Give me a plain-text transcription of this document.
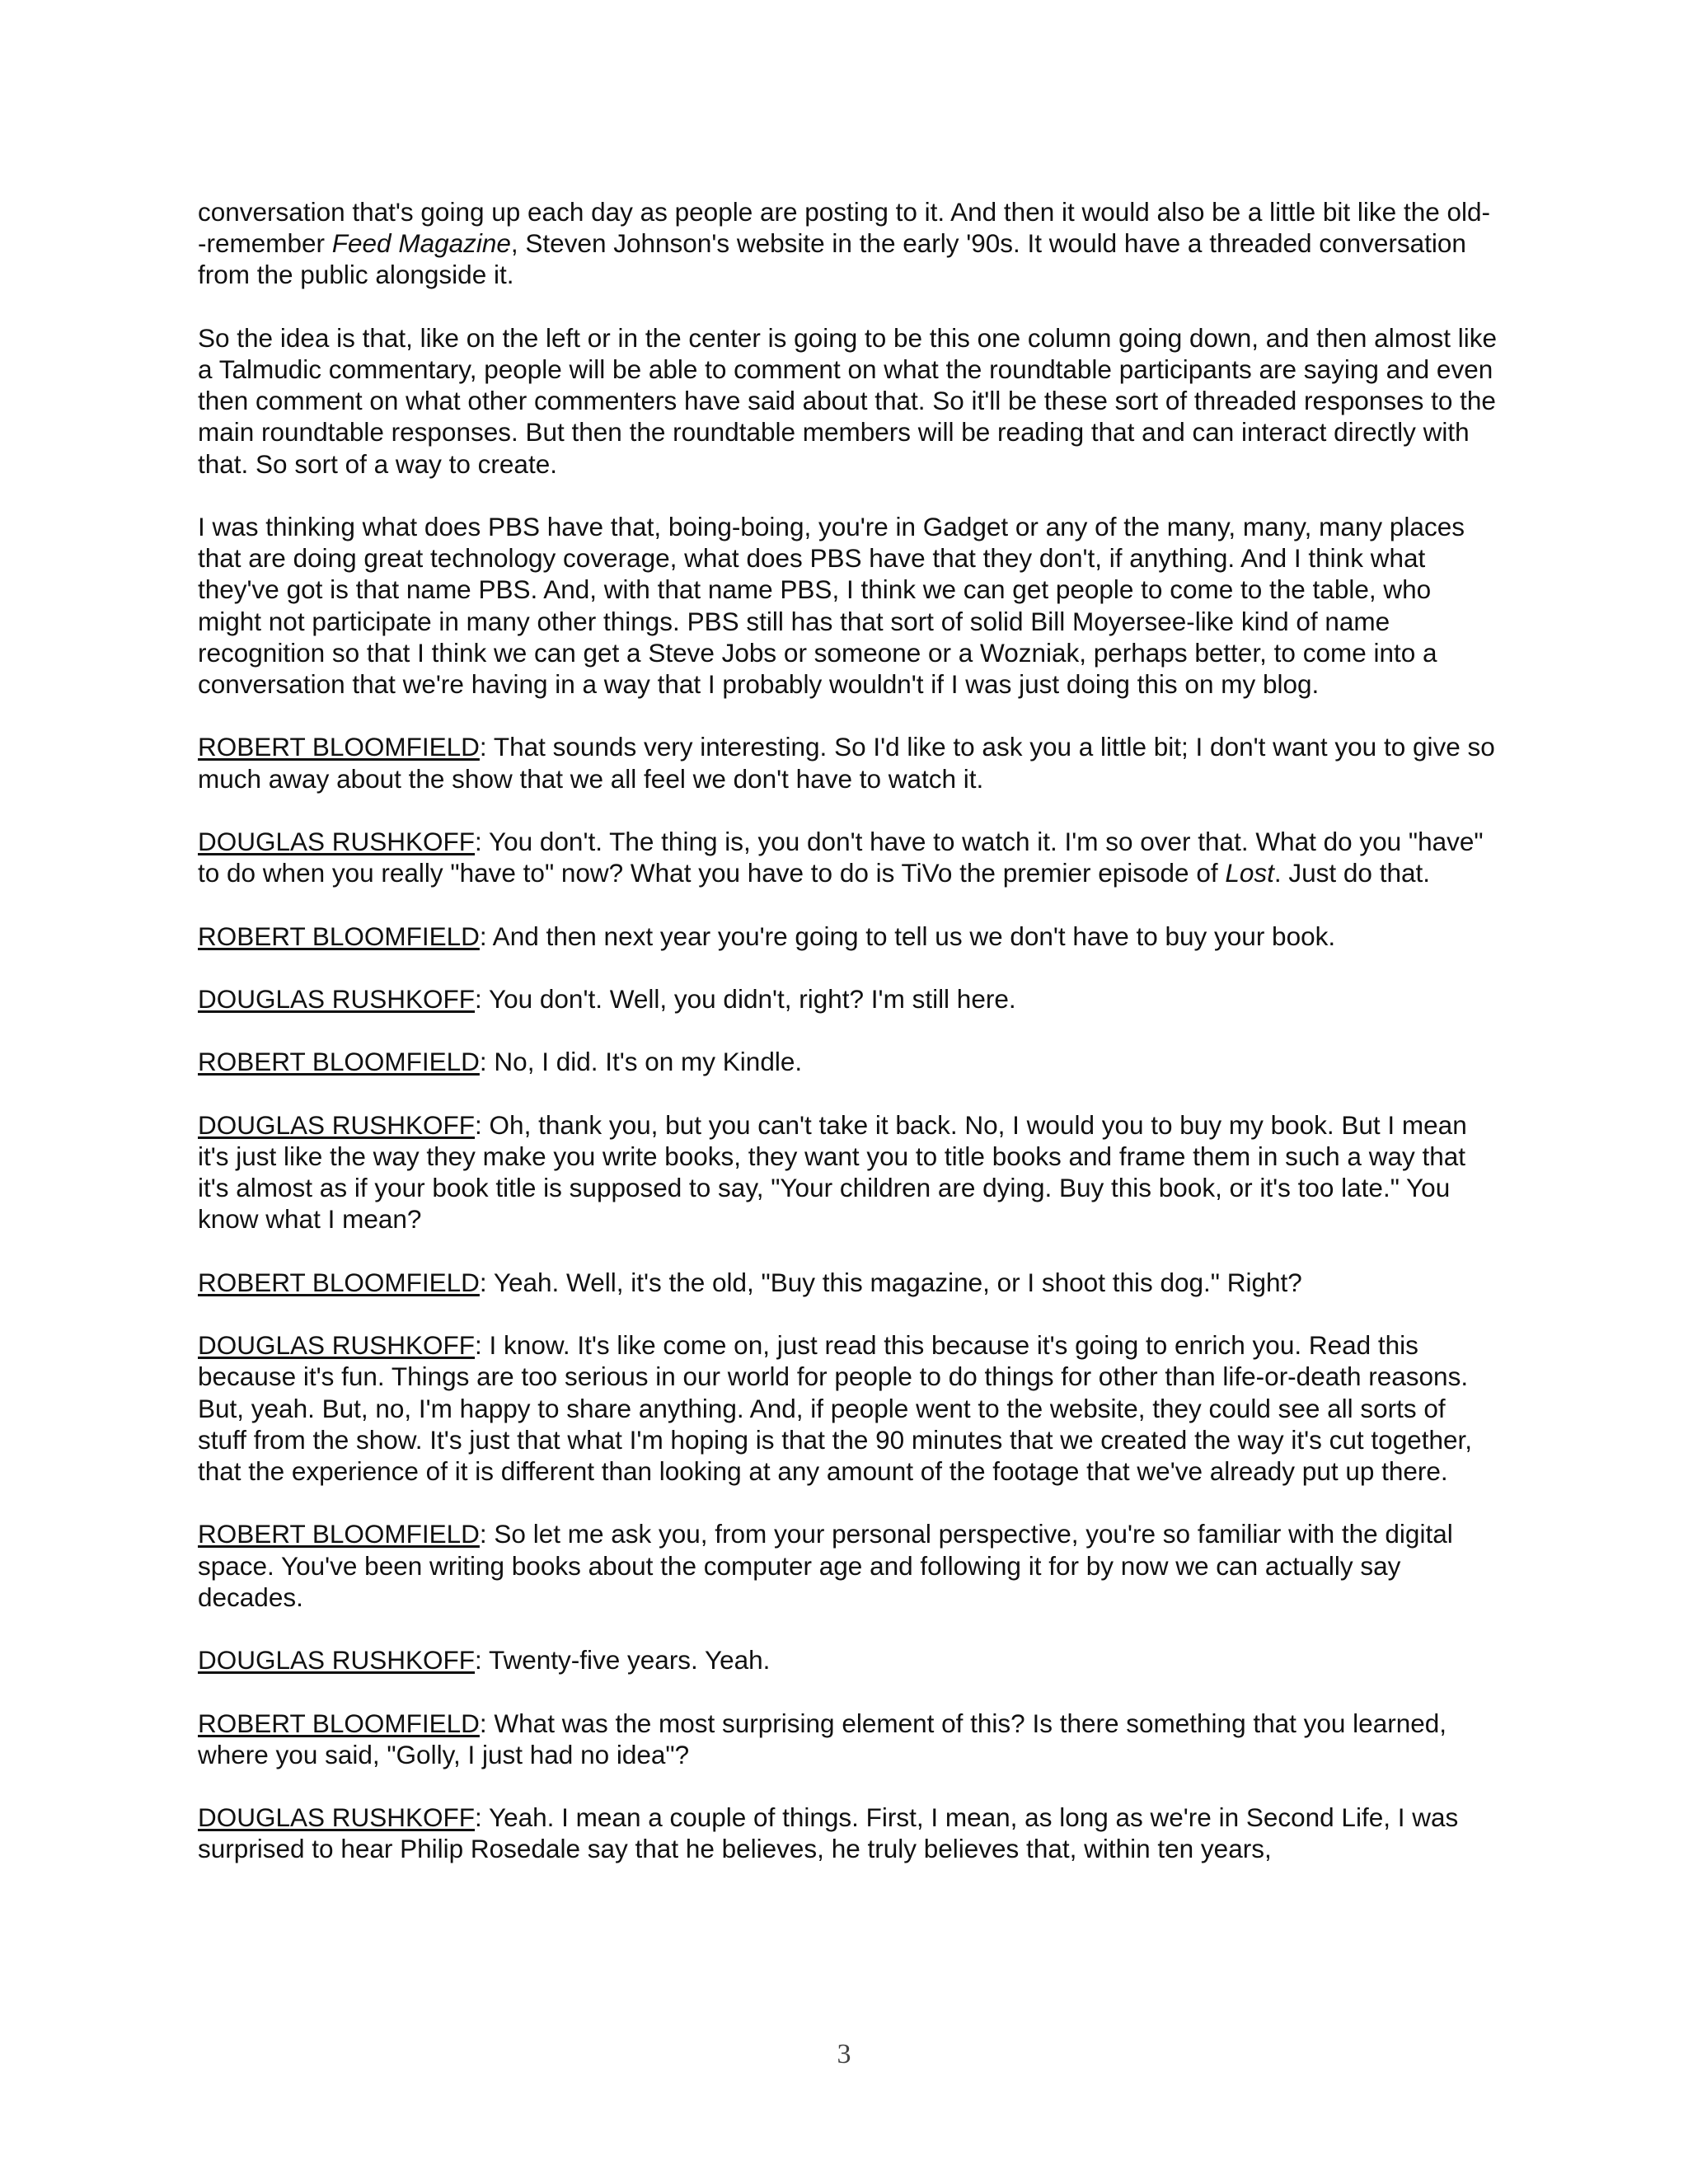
conversation that's going up each day as people are posting to it. And then it would also be a little bit like the old--remember Feed Magazine, Steven Johnson's website in the early '90s. It would have a threaded conversation from the public alongside it.

So the idea is that, like on the left or in the center is going to be this one column going down, and then almost like a Talmudic commentary, people will be able to comment on what the roundtable participants are saying and even then comment on what other commenters have said about that. So it'll be these sort of threaded responses to the main roundtable responses. But then the roundtable members will be reading that and can interact directly with that. So sort of a way to create.

I was thinking what does PBS have that, boing-boing, you're in Gadget or any of the many, many, many places that are doing great technology coverage, what does PBS have that they don't, if anything. And I think what they've got is that name PBS. And, with that name PBS, I think we can get people to come to the table, who might not participate in many other things. PBS still has that sort of solid Bill Moyersee-like kind of name recognition so that I think we can get a Steve Jobs or someone or a Wozniak, perhaps better, to come into a conversation that we're having in a way that I probably wouldn't if I was just doing this on my blog.

ROBERT BLOOMFIELD: That sounds very interesting. So I'd like to ask you a little bit; I don't want you to give so much away about the show that we all feel we don't have to watch it.

DOUGLAS RUSHKOFF: You don't. The thing is, you don't have to watch it. I'm so over that. What do you "have" to do when you really "have to" now? What you have to do is TiVo the premier episode of Lost. Just do that.

ROBERT BLOOMFIELD: And then next year you're going to tell us we don't have to buy your book.

DOUGLAS RUSHKOFF: You don't. Well, you didn't, right? I'm still here.

ROBERT BLOOMFIELD: No, I did. It's on my Kindle.

DOUGLAS RUSHKOFF: Oh, thank you, but you can't take it back. No, I would you to buy my book. But I mean it's just like the way they make you write books, they want you to title books and frame them in such a way that it's almost as if your book title is supposed to say, "Your children are dying. Buy this book, or it's too late." You know what I mean?

ROBERT BLOOMFIELD: Yeah. Well, it's the old, "Buy this magazine, or I shoot this dog." Right?

DOUGLAS RUSHKOFF: I know. It's like come on, just read this because it's going to enrich you. Read this because it's fun. Things are too serious in our world for people to do things for other than life-or-death reasons. But, yeah. But, no, I'm happy to share anything. And, if people went to the website, they could see all sorts of stuff from the show. It's just that what I'm hoping is that the 90 minutes that we created the way it's cut together, that the experience of it is different than looking at any amount of the footage that we've already put up there.

ROBERT BLOOMFIELD: So let me ask you, from your personal perspective, you're so familiar with the digital space. You've been writing books about the computer age and following it for by now we can actually say decades.

DOUGLAS RUSHKOFF: Twenty-five years. Yeah.

ROBERT BLOOMFIELD: What was the most surprising element of this? Is there something that you learned, where you said, "Golly, I just had no idea"?

DOUGLAS RUSHKOFF: Yeah. I mean a couple of things. First, I mean, as long as we're in Second Life, I was surprised to hear Philip Rosedale say that he believes, he truly believes that, within ten years,

3
